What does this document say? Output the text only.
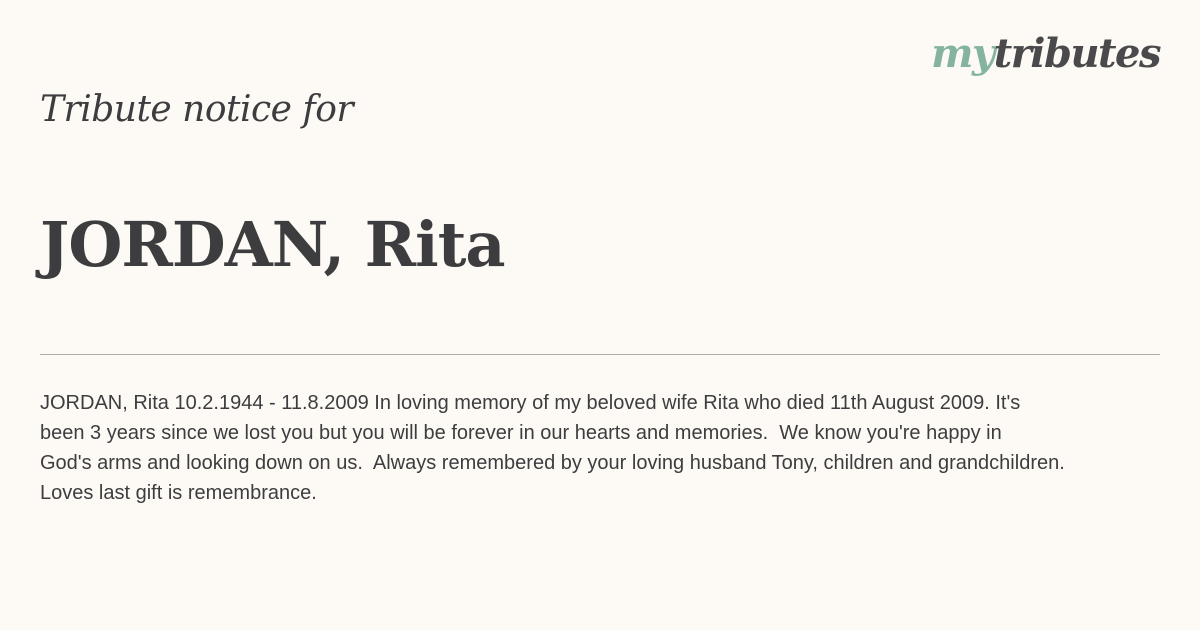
mytributes
Tribute notice for
JORDAN, Rita

JORDAN, Rita 10.2.1944 - 11.8.2009 In loving memory of my beloved wife Rita who died 11th August 2009. It's
been 3 years since we lost you but you will be forever in our hearts and memories.  We know you're happy in
God's arms and looking down on us.  Always remembered by your loving husband Tony, children and grandchildren.
Loves last gift is remembrance.
